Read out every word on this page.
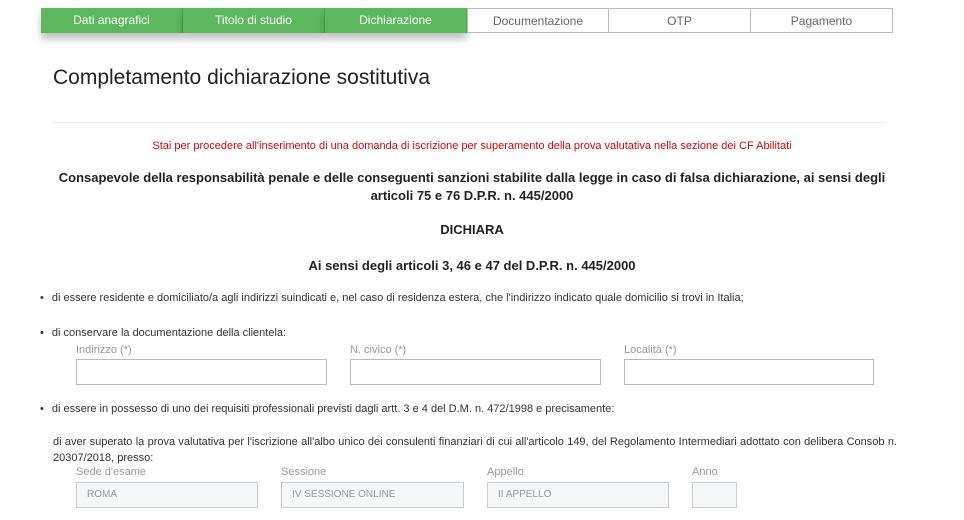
Dati anagrafici	Titolo di studio	Dichiarazione	Documentazione	OTP	Pagamento
Completamento dichiarazione sostitutiva
Stai per procedere all'inserimento di una domanda di iscrizione per superamento della prova valutativa nella sezione dei CF Abilitati
Consapevole della responsabilità penale e delle conseguenti sanzioni stabilite dalla legge in caso di falsa dichiarazione, ai sensi degli articoli 75 e 76 D.P.R. n. 445/2000
DICHIARA
Ai sensi degli articoli 3, 46 e 47 del D.P.R. n. 445/2000
• di essere residente e domiciliato/a agli indirizzi suindicati e, nel caso di residenza estera, che l'indirizzo indicato quale domicilio si trovi in Italia;
• di conservare la documentazione della clientela:
Indirizzo (*)	N. civico (*)	Località (*)
• di essere in possesso di uno dei requisiti professionali previsti dagli artt. 3 e 4 del D.M. n. 472/1998 e precisamente:
di aver superato la prova valutativa per l'iscrizione all'albo unico dei consulenti finanziari di cui all'articolo 149, del Regolamento Intermediari adottato con delibera Consob n. 20307/2018, presso:
Sede d'esame
ROMA
Sessione
IV SESSIONE ONLINE
Appello
II APPELLO
Anno
